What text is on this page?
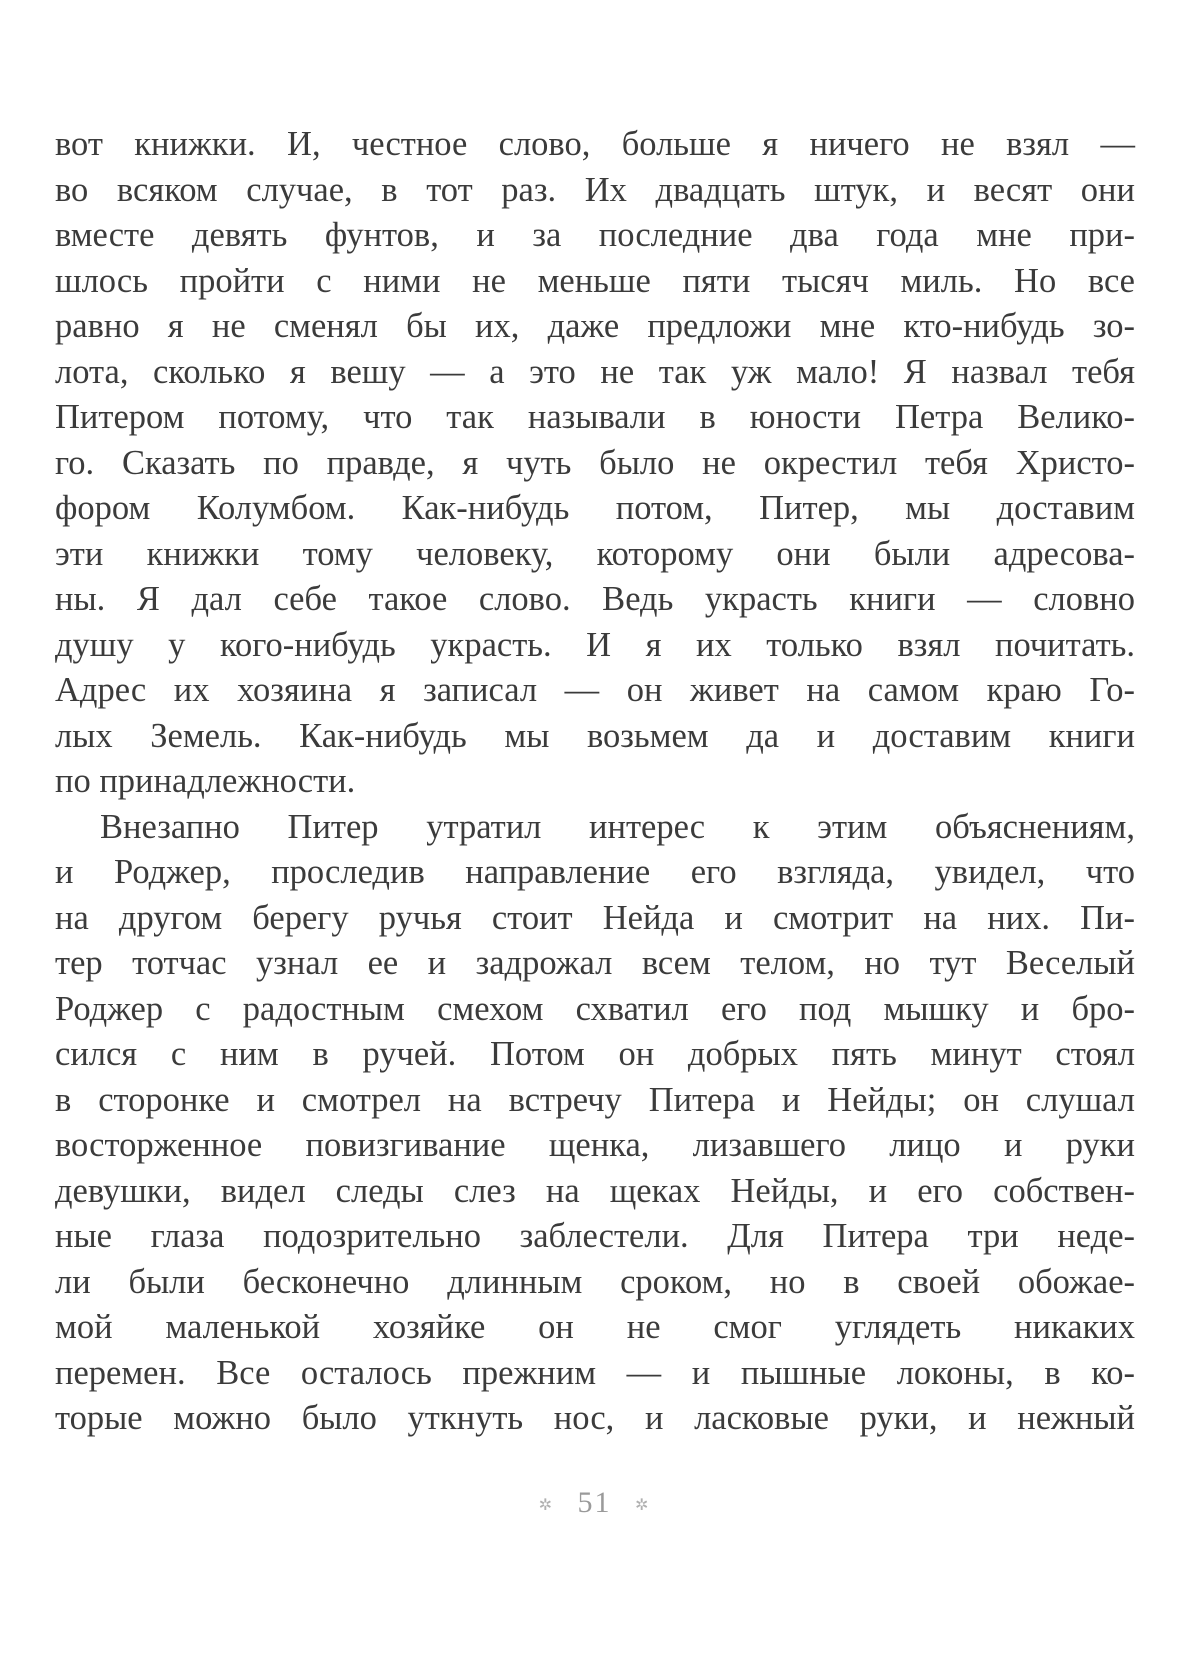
вот книжки. И, честное слово, больше я ничего не взял —
во всяком случае, в тот раз. Их двадцать штук, и весят они
вместе девять фунтов, и за последние два года мне при-
шлось пройти с ними не меньше пяти тысяч миль. Но все
равно я не сменял бы их, даже предложи мне кто-нибудь зо-
лота, сколько я вешу — а это не так уж мало! Я назвал тебя
Питером потому, что так называли в юности Петра Велико-
го. Сказать по правде, я чуть было не окрестил тебя Христо-
фором Колумбом. Как-нибудь потом, Питер, мы доставим
эти книжки тому человеку, которому они были адресова-
ны. Я дал себе такое слово. Ведь украсть книги — словно
душу у кого-нибудь украсть. И я их только взял почитать.
Адрес их хозяина я записал — он живет на самом краю Го-
лых Земель. Как-нибудь мы возьмем да и доставим книги
по принадлежности.
Внезапно Питер утратил интерес к этим объяснениям,
и Роджер, проследив направление его взгляда, увидел, что
на другом берегу ручья стоит Нейда и смотрит на них. Пи-
тер тотчас узнал ее и задрожал всем телом, но тут Веселый
Роджер с радостным смехом схватил его под мышку и бро-
сился с ним в ручей. Потом он добрых пять минут стоял
в сторонке и смотрел на встречу Питера и Нейды; он слушал
восторженное повизгивание щенка, лизавшего лицо и руки
девушки, видел следы слез на щеках Нейды, и его собствен-
ные глаза подозрительно заблестели. Для Питера три неде-
ли были бесконечно длинным сроком, но в своей обожае-
мой маленькой хозяйке он не смог углядеть никаких
перемен. Все осталось прежним — и пышные локоны, в ко-
торые можно было уткнуть нос, и ласковые руки, и нежный
✲ 51 ✲
